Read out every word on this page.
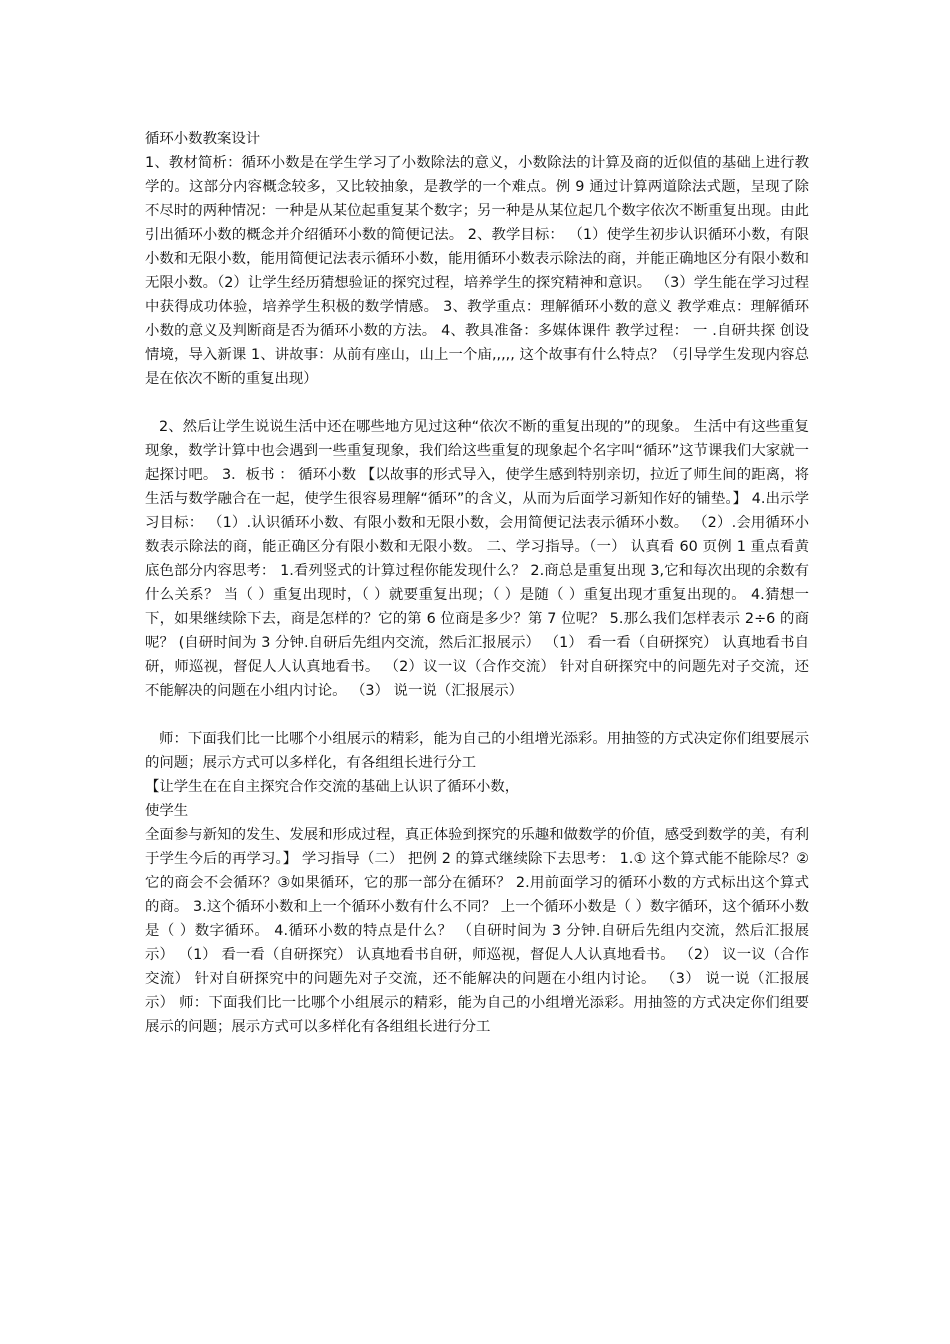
循环小数教案设计

1、教材简析：循环小数是在学生学习了小数除法的意义，小数除法的计算及商的近似值的基础上进行教学的。这部分内容概念较多，又比较抽象，是教学的一个难点。例 9 通过计算两道除法式题，呈现了除不尽时的两种情况：一种是从某位起重复某个数字；另一种是从某位起几个数字依次不断重复出现。由此引出循环小数的概念并介绍循环小数的简便记法。 2、教学目标： （1）使学生初步认识循环小数，有限小数和无限小数，能用简便记法表示循环小数，能用循环小数表示除法的商，并能正确地区分有限小数和无限小数。（2）让学生经历猜想验证的探究过程，培养学生的探究精神和意识。 （3）学生能在学习过程中获得成功体验，培养学生积极的数学情感。 3、教学重点：理解循环小数的意义 教学难点：理解循环小数的意义及判断商是否为循环小数的方法。 4、教具准备：多媒体课件 教学过程： 一 .自研共探 创设情境，导入新课 1、讲故事：从前有座山，山上一个庙,,,,, 这个故事有什么特点？（引导学生发现内容总是在依次不断的重复出现）

2、然后让学生说说生活中还在哪些地方见过这种“依次不断的重复出现的”的现象。 生活中有这些重复现象，数学计算中也会遇到一些重复现象，我们给这些重复的现象起个名字叫“循环”这节课我们大家就一起探讨吧。 3．板书 ： 循环小数 【以故事的形式导入，使学生感到特别亲切，拉近了师生间的距离，将生活与数学融合在一起，使学生很容易理解“循环”的含义，从而为后面学习新知作好的铺垫。】 4.出示学习目标： （1）.认识循环小数、有限小数和无限小数，会用简便记法表示循环小数。 （2）.会用循环小数表示除法的商，能正确区分有限小数和无限小数。 二、学习指导。（一） 认真看 60 页例 1 重点看黄底色部分内容思考： 1.看列竖式的计算过程你能发现什么？ 2.商总是重复出现 3,它和每次出现的余数有什么关系？ 当（ ）重复出现时，（ ）就要重复出现；（ ）是随（ ）重复出现才重复出现的。 4.猜想一下，如果继续除下去，商是怎样的？它的第 6 位商是多少？第 7 位呢？ 5.那么我们怎样表示 2÷6 的商呢？ (自研时间为 3 分钟.自研后先组内交流，然后汇报展示） （1） 看一看（自研探究） 认真地看书自研，师巡视，督促人人认真地看书。 （2）议一议（合作交流） 针对自研探究中的问题先对子交流，还不能解决的问题在小组内讨论。 （3） 说一说（汇报展示）

师：下面我们比一比哪个小组展示的精彩，能为自己的小组增光添彩。用抽签的方式决定你们组要展示的问题；展示方式可以多样化，有各组组长进行分工

【让学生在在自主探究合作交流的基础上认识了循环小数，

使学生

全面参与新知的发生、发展和形成过程，真正体验到探究的乐趣和做数学的价值，感受到数学的美，有利于学生今后的再学习。】 学习指导（二） 把例 2 的算式继续除下去思考： 1.① 这个算式能不能除尽？②它的商会不会循环？③如果循环，它的那一部分在循环？ 2.用前面学习的循环小数的方式标出这个算式的商。 3.这个循环小数和上一个循环小数有什么不同？ 上一个循环小数是（ ）数字循环，这个循环小数是（ ）数字循环。 4.循环小数的特点是什么？ （自研时间为 3 分钟.自研后先组内交流，然后汇报展示） （1） 看一看（自研探究） 认真地看书自研，师巡视，督促人人认真地看书。 （2） 议一议（合作交流） 针对自研探究中的问题先对子交流，还不能解决的问题在小组内讨论。 （3） 说一说（汇报展示） 师：下面我们比一比哪个小组展示的精彩，能为自己的小组增光添彩。用抽签的方式决定你们组要展示的问题；展示方式可以多样化有各组组长进行分工
